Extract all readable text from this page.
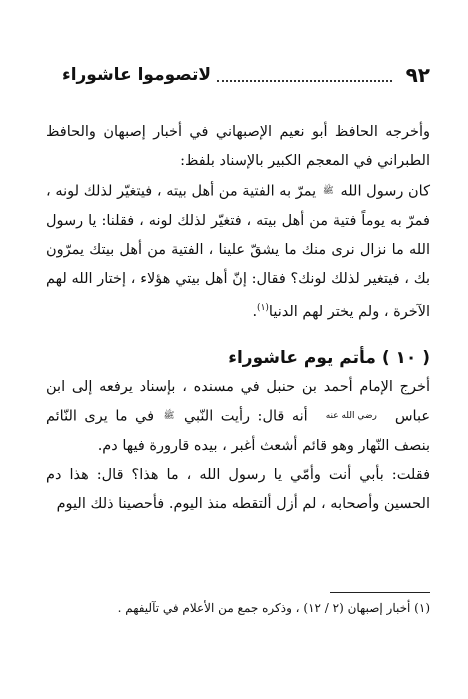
٩٢
لاتصوموا عاشوراء

وأخرجه الحافظ أبو نعيم الإصبهاني في أخبار إصبهان والحافظ الطبراني في المعجم الكبير بالإسناد بلفظ:

كان رسول الله ﷺ يمرّ به الفتية من أهل بيته ، فيتغيّر لذلك لونه ، فمرّ به يوماً فتية من أهل بيته ، فتغيّر لذلك لونه ، فقلنا: يا رسول الله ما نزال نرى منك ما يشقّ علينا ، الفتية من أهل بيتك يمرّون بك ، فيتغير لذلك لونك؟ فقال: إنّ أهل بيتي هؤلاء ، إختار الله لهم الآخرة ، ولم يختر لهم الدنيا$^{(١)}$.

( ١٠ ) مأتم يوم عاشوراء

أخرج الإمام أحمد بن حنبل في مسنده ، بإسناد يرفعه إلى ابن عباسرضي الله عنهأنه قال: رأيت النّبي ﷺ في ما يرى النّائم بنصف النّهار وهو قائم أشعث أغبر ، بيده قارورة فيها دم.

فقلت: بأبي أنت وأمّي يا رسول الله ، ما هذا؟ قال: هذا دم الحسين وأصحابه ، لم أزل ألتقطه منذ اليوم. فأحصينا ذلك اليوم

(١) أخبار إصبهان (٢ / ١٢) ، وذكره جمع من الأعلام في تآليفهم .
